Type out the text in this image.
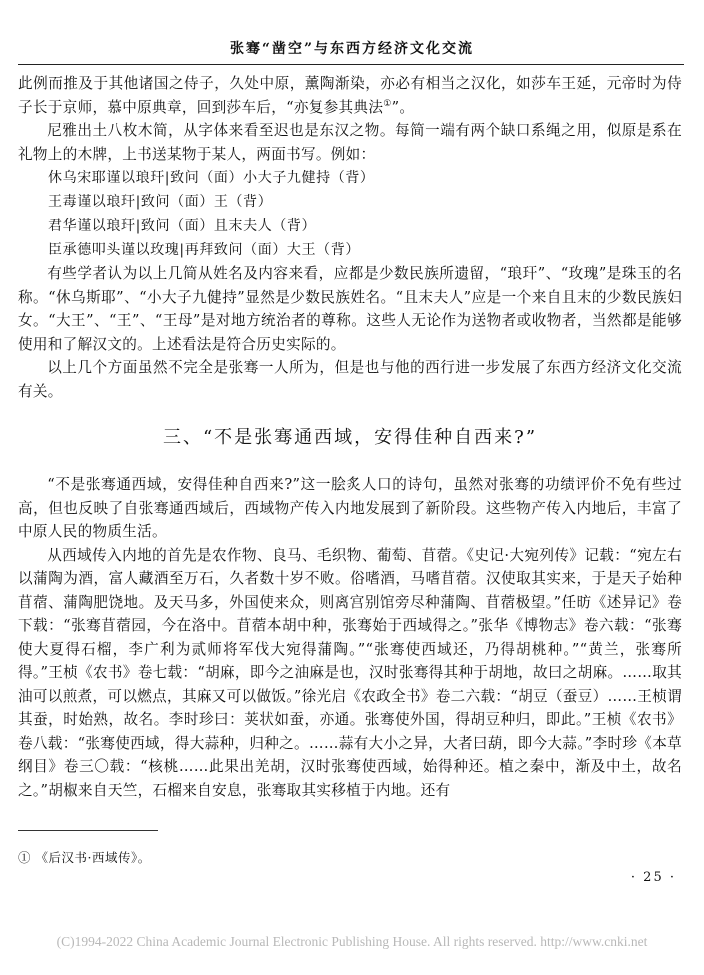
张骞“凿空”与东西方经济文化交流

此例而推及于其他诸国之侍子，久处中原，薰陶渐染，亦必有相当之汉化，如莎车王延，元帝时为侍子长于京师，慕中原典章，回到莎车后，“亦复参其典法①”。

尼雅出土八枚木简，从字体来看至迟也是东汉之物。每简一端有两个缺口系绳之用，似原是系在礼物上的木牌，上书送某物于某人，两面书写。例如：

休乌宋耶谨以琅玕|致问（面）小大子九健持（背）
王毒谨以琅玕|致问（面）王（背）
君华谨以琅玕|致问（面）且末夫人（背）
臣承德叩头谨以玫瑰|再拜致问（面）大王（背）

有些学者认为以上几简从姓名及内容来看，应都是少数民族所遗留，“琅玕”、“玫瑰”是珠玉的名称。“休乌斯耶”、“小大子九健持”显然是少数民族姓名。“且末夫人”应是一个来自且末的少数民族妇女。“大王”、“王”、“王母”是对地方统治者的尊称。这些人无论作为送物者或收物者，当然都是能够使用和了解汉文的。上述看法是符合历史实际的。

以上几个方面虽然不完全是张骞一人所为，但是也与他的西行进一步发展了东西方经济文化交流有关。

三、“不是张骞通西域，安得佳种自西来?”

“不是张骞通西域，安得佳种自西来?”这一脍炙人口的诗句，虽然对张骞的功绩评价不免有些过高，但也反映了自张骞通西域后，西域物产传入内地发展到了新阶段。这些物产传入内地后，丰富了中原人民的物质生活。

从西域传入内地的首先是农作物、良马、毛织物、葡萄、苜蓿。《史记·大宛列传》记载：“宛左右以蒲陶为酒，富人藏酒至万石，久者数十岁不败。俗嗜酒，马嗜苜蓿。汉使取其实来，于是天子始种苜蓿、蒲陶肥饶地。及天马多，外国使来众，则离宫别馆旁尽种蒲陶、苜蓿极望。”任昉《述异记》卷下载：“张骞苜蓿园，今在洛中。苜蓿本胡中种，张骞始于西域得之。”张华《博物志》卷六载：“张骞使大夏得石榴，李广利为贰师将军伐大宛得蒲陶。”“张骞使西域还，乃得胡桃种。”“黄兰，张骞所得。”王桢《农书》卷七载：“胡麻，即今之油麻是也，汉时张骞得其种于胡地，故曰之胡麻。……取其油可以煎煮，可以燃点，其麻又可以做饭。”徐光启《农政全书》卷二六载：“胡豆（蚕豆）……王桢谓其蚕，时始熟，故名。李时珍曰：荚状如蚕，亦通。张骞使外国，得胡豆种归，即此。”王桢《农书》卷八载：“张骞使西域，得大蒜种，归种之。……蒜有大小之异，大者曰葫，即今大蒜。”李时珍《本草纲目》卷三〇载：“核桃……此果出羌胡，汉时张骞使西域，始得种还。植之秦中，渐及中土，故名之。”胡椒来自天竺，石榴来自安息，张骞取其实移植于内地。还有

① 《后汉书·西域传》。
· 25 ·
(C)1994-2022 China Academic Journal Electronic Publishing House. All rights reserved. http://www.cnki.net
